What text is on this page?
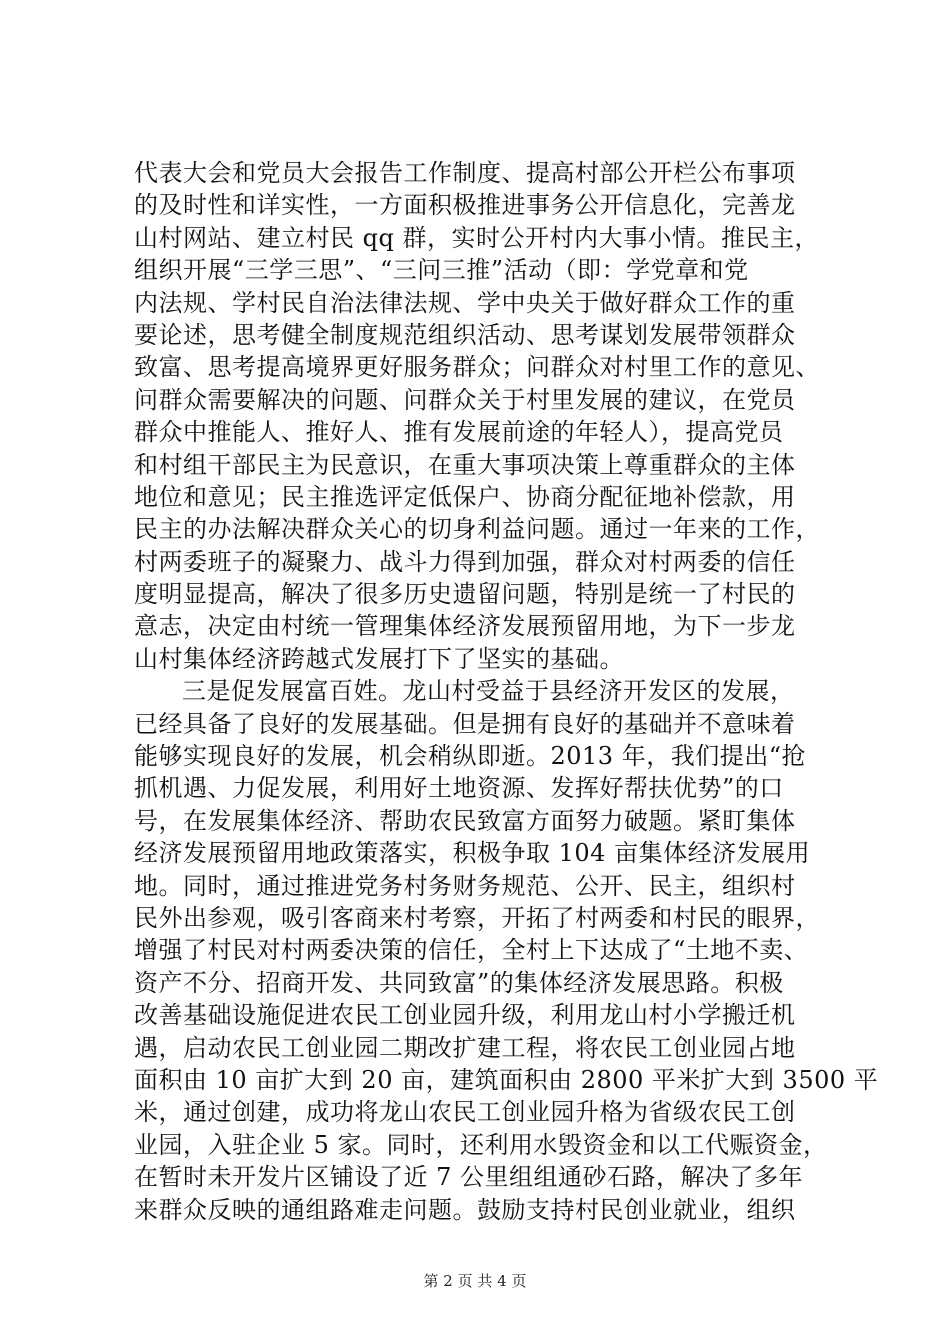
代表大会和党员大会报告工作制度、提高村部公开栏公布事项
的及时性和详实性，一方面积极推进事务公开信息化，完善龙
山村网站、建立村民 qq 群，实时公开村内大事小情。推民主，
组织开展“三学三思”、“三问三推”活动（即：学党章和党
内法规、学村民自治法律法规、学中央关于做好群众工作的重
要论述，思考健全制度规范组织活动、思考谋划发展带领群众
致富、思考提高境界更好服务群众；问群众对村里工作的意见、
问群众需要解决的问题、问群众关于村里发展的建议，在党员
群众中推能人、推好人、推有发展前途的年轻人），提高党员
和村组干部民主为民意识，在重大事项决策上尊重群众的主体
地位和意见；民主推选评定低保户、协商分配征地补偿款，用
民主的办法解决群众关心的切身利益问题。通过一年来的工作，
村两委班子的凝聚力、战斗力得到加强，群众对村两委的信任
度明显提高，解决了很多历史遗留问题，特别是统一了村民的
意志，决定由村统一管理集体经济发展预留用地，为下一步龙
山村集体经济跨越式发展打下了坚实的基础。
三是促发展富百姓。龙山村受益于县经济开发区的发展，
已经具备了良好的发展基础。但是拥有良好的基础并不意味着
能够实现良好的发展，机会稍纵即逝。2013 年，我们提出“抢
抓机遇、力促发展，利用好土地资源、发挥好帮扶优势”的口
号，在发展集体经济、帮助农民致富方面努力破题。紧盯集体
经济发展预留用地政策落实，积极争取 104 亩集体经济发展用
地。同时，通过推进党务村务财务规范、公开、民主，组织村
民外出参观，吸引客商来村考察，开拓了村两委和村民的眼界，
增强了村民对村两委决策的信任，全村上下达成了“土地不卖、
资产不分、招商开发、共同致富”的集体经济发展思路。积极
改善基础设施促进农民工创业园升级，利用龙山村小学搬迁机
遇，启动农民工创业园二期改扩建工程，将农民工创业园占地
面积由 10 亩扩大到 20 亩，建筑面积由 2800 平米扩大到 3500 平
米，通过创建，成功将龙山农民工创业园升格为省级农民工创
业园，入驻企业 5 家。同时，还利用水毁资金和以工代赈资金，
在暂时未开发片区铺设了近 7 公里组组通砂石路，解决了多年
来群众反映的通组路难走问题。鼓励支持村民创业就业，组织
第 2 页 共 4 页
